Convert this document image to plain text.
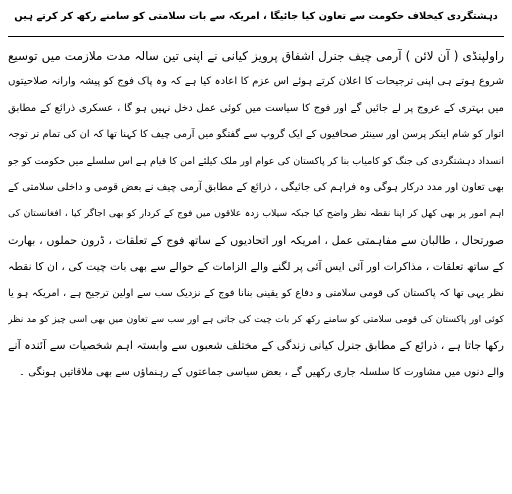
دہشتگردی کیخلاف حکومت سے تعاون کیا جائیگا ، امریکہ سے بات سلامتی کو سامنے رکھ کر کرتے ہیں
راولپنڈی ( آن لائن ) آرمی چیف جنرل اشفاق پرویز کیانی نے اپنی تین سالہ مدت ملازمت میں توسیع
شروع ہوتے ہی اپنی ترجیحات کا اعلان کرتے ہوئے اس عزم کا اعادہ کیا ہے کہ وہ پاک فوج کو پیشہ وارانہ صلاحیتوں
میں بہتری کے عروج پر لے جائیں گے اور فوج کا سیاست میں کوئی عمل دخل نہیں ہو گا ، عسکری ذرائع کے مطابق
اتوار کو شام اینکر پرسن اور سینئر صحافیوں کے ایک گروپ سے گفتگو میں آرمی چیف کا کہنا تھا کہ ان کی تمام تر توجہ
انسداد دہشتگردی کی جنگ کو کامیاب بنا کر پاکستان کی عوام اور ملک کیلئے امن کا قیام ہے اس سلسلے میں حکومت کو جو
بھی تعاون اور مدد درکار ہوگی وہ فراہم کی جائیگی ، ذرائع کے مطابق آرمی چیف نے بعض قومی و داخلی سلامتی کے
اہم امور پر بھی کھل کر اپنا نقطہ نظر واضح کیا جبکہ سیلاب زدہ علاقوں میں فوج کے کردار کو بھی اجاگر کیا ، افغانستان کی
صورتحال ، طالبان سے مفاہمتی عمل ، امریکہ اور اتحادیوں کے ساتھ فوج کے تعلقات ، ڈرون حملوں ، بھارت
کے ساتھ تعلقات ، مذاکرات اور آئی ایس آئی پر لگنے والے الزامات کے حوالے سے بھی بات چیت کی ، ان کا نقطہ
نظر یہی تھا کہ پاکستان کی قومی سلامتی و دفاع کو یقینی بنانا فوج کے نزدیک سب سے اولین ترجیح ہے ، امریکہ ہو یا
کوئی اور پاکستان کی قومی سلامتی کو سامنے رکھ کر بات چیت کی جاتی ہے اور سب سے تعاون میں بھی اسی چیز کو مد نظر
رکھا جاتا ہے ، ذرائع کے مطابق جنرل کیانی زندگی کے مختلف شعبوں سے وابستہ اہم شخصیات سے آئندہ آنے
والے دنوں میں مشاورت کا سلسلہ جاری رکھیں گے ، بعض سیاسی جماعتوں کے رہنماؤں سے بھی ملاقاتیں ہونگی ۔
